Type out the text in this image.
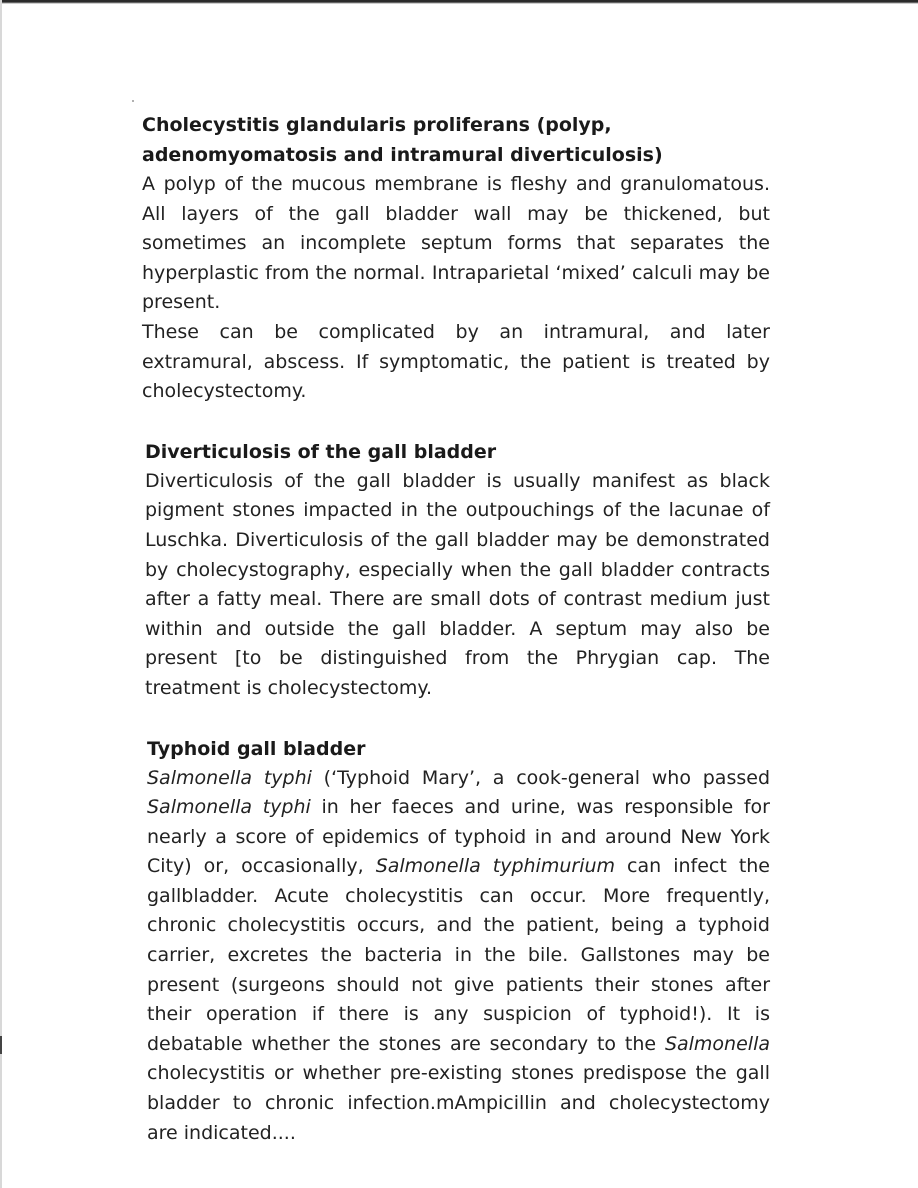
Cholecystitis glandularis proliferans (polyp, adenomyomatosis and intramural diverticulosis)

A polyp of the mucous membrane is fleshy and granulomatous. All layers of the gall bladder wall may be thickened, but sometimes an incomplete septum forms that separates the hyperplastic from the normal. Intraparietal ‘mixed’ calculi may be present.

These can be complicated by an intramural, and later extramural, abscess. If symptomatic, the patient is treated by cholecystectomy.

Diverticulosis of the gall bladder

Diverticulosis of the gall bladder is usually manifest as black pigment stones impacted in the outpouchings of the lacunae of Luschka. Diverticulosis of the gall bladder may be demonstrated by cholecystography, especially when the gall bladder contracts after a fatty meal. There are small dots of contrast medium just within and outside the gall bladder. A septum may also be present [to be distinguished from the Phrygian cap. The treatment is cholecystectomy.

Typhoid gall bladder

Salmonella typhi (‘Typhoid Mary’, a cook-general who passed Salmonella typhi in her faeces and urine, was responsible for nearly a score of epidemics of typhoid in and around New York City) or, occasionally, Salmonella typhimurium can infect the gallbladder. Acute cholecystitis can occur. More frequently, chronic cholecystitis occurs, and the patient, being a typhoid carrier, excretes the bacteria in the bile. Gallstones may be present (surgeons should not give patients their stones after their operation if there is any suspicion of typhoid!). It is debatable whether the stones are secondary to the Salmonella cholecystitis or whether pre-existing stones predispose the gall bladder to chronic infection.mAmpicillin and cholecystectomy are indicated....
